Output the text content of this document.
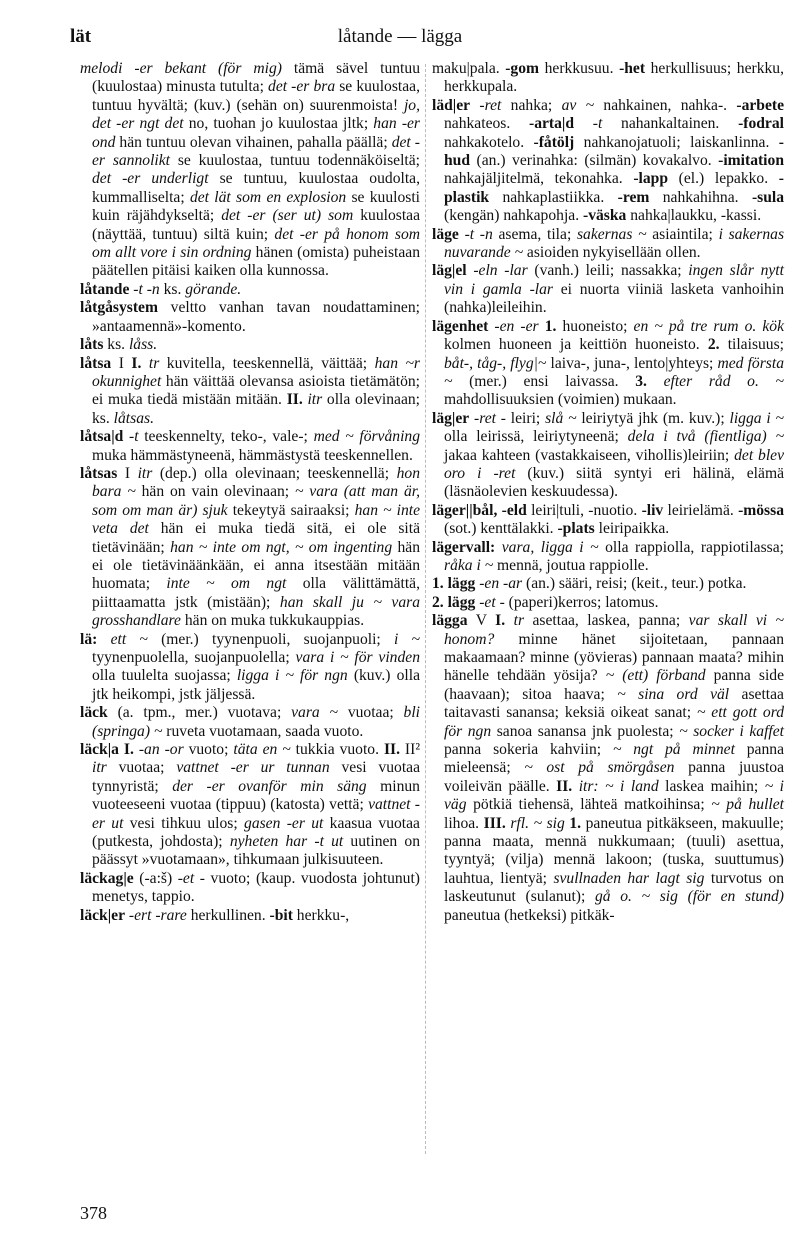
lät	låtande — lägga

melodi -er bekant (för mig) tämä sävel tuntuu (kuulostaa) minusta tutulta; det -er bra se kuulostaa, tuntuu hyvältä; (kuv.) (sehän on) suurenmoista! jo, det -er ngt det no, tuohan jo kuulostaa jltk; han -er ond hän tuntuu olevan vihainen, pahalla päällä; det -er sannolikt se kuulostaa, tuntuu todennäköiseltä; det -er underligt se tuntuu, kuulostaa oudolta, kummalliselta; det lät som en explosion se kuulosti kuin räjähdykseltä; det -er (ser ut) som kuulostaa (näyttää, tuntuu) siltä kuin; det -er på honom som om allt vore i sin ordning hänen (omista) puheistaan päätellen pitäisi kaiken olla kunnossa.

låtande -t -n ks. görande.

låtgåsystem veltto vanhan tavan noudattaminen; »antaamennä»-komento.

låts ks. låss.

låtsa I I. tr kuvitella, teeskennellä, väittää; han ~r okunnighet hän väittää olevansa asioista tietämätön; ei muka tiedä mistään mitään. II. itr olla olevinaan; ks. låtsas.

låtsa|d -t teeskennelty, teko-, vale-; med ~ förvåning muka hämmästyneenä, hämmästystä teeskennellen.

låtsas I itr (dep.) olla olevinaan; teeskennellä; hon bara ~ hän on vain olevinaan; ~ vara (att man är, som om man är) sjuk tekeytyä sairaaksi; han ~ inte veta det hän ei muka tiedä sitä, ei ole sitä tietävinään; han ~ inte om ngt, ~ om ingenting hän ei ole tietävinäänkään, ei anna itsestään mitään huomata; inte ~ om ngt olla välittämättä, piittaamatta jstk (mistään); han skall ju ~ vara grosshandlare hän on muka tukkukauppias.

lä: ett ~ (mer.) tyynenpuoli, suojanpuoli; i ~ tyynenpuolella, suojanpuolella; vara i ~ för vinden olla tuulelta suojassa; ligga i ~ för ngn (kuv.) olla jtk heikompi, jstk jäljessä.

läck (a. tpm., mer.) vuotava; vara ~ vuotaa; bli (springa) ~ ruveta vuotamaan, saada vuoto.

läck|a I. -an -or vuoto; täta en ~ tukkia vuoto. II. II² itr vuotaa; vattnet -er ur tunnan vesi vuotaa tynnyristä; der -er ovanför min säng minun vuoteeseeni vuotaa (tippuu) (katosta) vettä; vattnet -er ut vesi tihkuu ulos; gasen -er ut kaasua vuotaa (putkesta, johdosta); nyheten har -t ut uutinen on päässyt »vuotamaan», tihkumaan julkisuuteen.

läckag|e (-a:š) -et - vuoto; (kaup. vuodosta johtunut) menetys, tappio.

läck|er -ert -rare herkullinen. -bit herkku-,

maku|pala. -gom herkkusuu. -het herkullisuus; herkku, herkkupala.

läd|er -ret nahka; av ~ nahkainen, nahka-. -arbete nahkateos. -arta|d -t nahankaltainen. -fodral nahkakotelo. -fåtölj nahkanojatuoli; laiskanlinna. -hud (an.) verinahka: (silmän) kovakalvo. -imitation nahkajäljitelmä, tekonahka. -lapp (el.) lepakko. -plastik nahkaplastiikka. -rem nahkahihna. -sula (kengän) nahkapohja. -väska nahka|laukku, -kassi.

läge -t -n asema, tila; sakernas ~ asiaintila; i sakernas nuvarande ~ asioiden nykyisellään ollen.

läg|el -eln -lar (vanh.) leili; nassakka; ingen slår nytt vin i gamla -lar ei nuorta viiniä lasketa vanhoihin (nahka)leileihin.

lägenhet -en -er 1. huoneisto; en ~ på tre rum o. kök kolmen huoneen ja keittiön huoneisto. 2. tilaisuus; båt-, tåg-, flyg|~ laiva-, juna-, lento|yhteys; med första ~ (mer.) ensi laivassa. 3. efter råd o. ~ mahdollisuuksien (voimien) mukaan.

läg|er -ret - leiri; slå ~ leiriytyä jhk (m. kuv.); ligga i ~ olla leirissä, leiriytyneenä; dela i två (fientliga) ~ jakaa kahteen (vastakkaiseen, vihollis)leiriin; det blev oro i -ret (kuv.) siitä syntyi eri hälinä, elämä (läsnäolevien keskuudessa).

läger||bål, -eld leiri|tuli, -nuotio. -liv leirielämä. -mössa (sot.) kenttälakki. -plats leiripaikka.

lägervall: vara, ligga i ~ olla rappiolla, rappiotilassa; råka i ~ mennä, joutua rappiolle.

1. lägg -en -ar (an.) sääri, reisi; (keit., teur.) potka.

2. lägg -et - (paperi)kerros; latomus.

lägga V I. tr asettaa, laskea, panna; var skall vi ~ honom? minne hänet sijoitetaan, pannaan makaamaan? minne (yövieras) pannaan maata? mihin hänelle tehdään yösija? ~ (ett) förband panna side (haavaan); sitoa haava; ~ sina ord väl asettaa taitavasti sanansa; keksiä oikeat sanat; ~ ett gott ord för ngn sanoa sanansa jnk puolesta; ~ socker i kaffet panna sokeria kahviin; ~ ngt på minnet panna mieleensä; ~ ost på smörgåsen panna juustoa voileivän päälle. II. itr: ~ i land laskea maihin; ~ i väg pötkiä tiehensä, lähteä matkoihinsa; ~ på hullet lihoa. III. rfl. ~ sig 1. paneutua pitkäkseen, makuulle; panna maata, mennä nukkumaan; (tuuli) asettua, tyyntyä; (vilja) mennä lakoon; (tuska, suuttumus) lauhtua, lientyä; svullnaden har lagt sig turvotus on laskeutunut (sulanut); gå o. ~ sig (för en stund) paneutua (hetkeksi) pitkäk-

378
